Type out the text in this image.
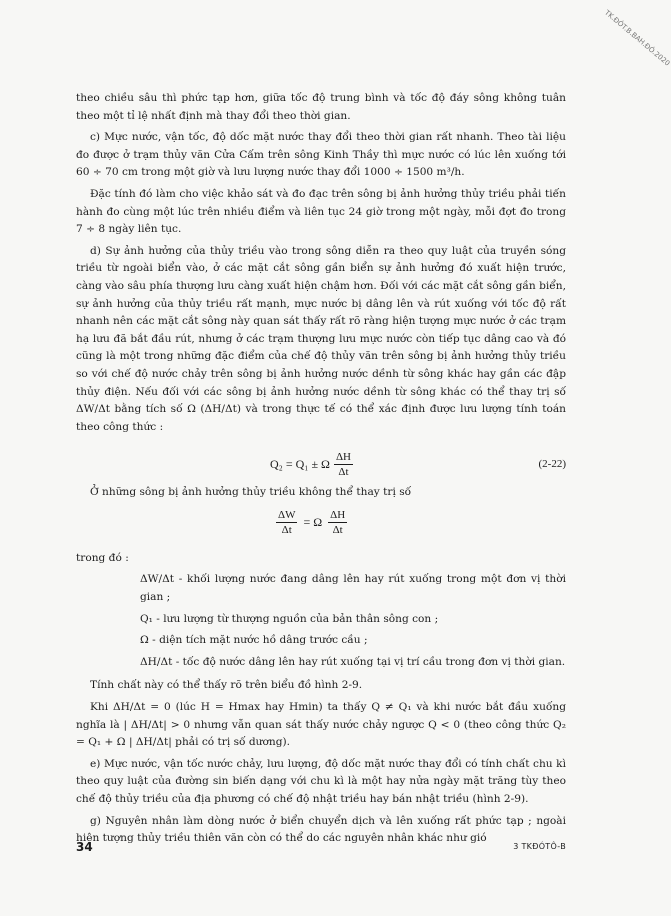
TK.ĐÓT.B.BAH.ĐÓ.2020

theo chiều sâu thì phức tạp hơn, giữa tốc độ trung bình và tốc độ đáy sông không tuân theo một tỉ lệ nhất định mà thay đổi theo thời gian.

c) Mực nước, vận tốc, độ dốc mặt nước thay đổi theo thời gian rất nhanh. Theo tài liệu đo được ở trạm thủy văn Cửa Cấm trên sông Kinh Thầy thì mực nước có lúc lên xuống tới 60 ÷ 70 cm trong một giờ và lưu lượng nước thay đổi 1000 ÷ 1500 m³/h.

Đặc tính đó làm cho việc khảo sát và đo đạc trên sông bị ảnh hưởng thủy triều phải tiến hành đo cùng một lúc trên nhiều điểm và liên tục 24 giờ trong một ngày, mỗi đợt đo trong 7 ÷ 8 ngày liên tục.

d) Sự ảnh hưởng của thủy triều vào trong sông diễn ra theo quy luật của truyền sóng triều từ ngoài biển vào, ở các mặt cắt sông gần biển sự ảnh hưởng đó xuất hiện trước, càng vào sâu phía thượng lưu càng xuất hiện chậm hơn. Đối với các mặt cắt sông gần biển, sự ảnh hưởng của thủy triều rất mạnh, mực nước bị dâng lên và rút xuống với tốc độ rất nhanh nên các mặt cắt sông này quan sát thấy rất rõ ràng hiện tượng mực nước ở các trạm hạ lưu đã bắt đầu rút, nhưng ở các trạm thượng lưu mực nước còn tiếp tục dâng cao và đó cũng là một trong những đặc điểm của chế độ thủy văn trên sông bị ảnh hưởng thủy triều so với chế độ nước chảy trên sông bị ảnh hưởng nước dềnh từ sông khác hay gần các đập thủy điện. Nếu đối với các sông bị ảnh hưởng nước dềnh từ sông khác có thể thay trị số ΔW/Δt bằng tích số Ω (ΔH/Δt) và trong thực tế có thể xác định được lưu lượng tính toán theo công thức :

Q₂ = Q₁ ± Ω $\frac{\Delta H}{\Delta t}$	(2-22)

Ở những sông bị ảnh hưởng thủy triều không thể thay trị số

$\frac{\Delta W}{\Delta t} = \Omega \frac{\Delta H}{\Delta t}$

trong đó :

ΔW/Δt - khối lượng nước đang dâng lên hay rút xuống trong một đơn vị thời gian ;

Q₁ - lưu lượng từ thượng nguồn của bản thân sông con ;

Ω - diện tích mặt nước hồ dâng trước cầu ;

ΔH/Δt - tốc độ nước dâng lên hay rút xuống tại vị trí cầu trong đơn vị thời gian.

Tính chất này có thể thấy rõ trên biểu đồ hình 2-9.

Khi ΔH/Δt = 0 (lúc H = Hmax hay Hmin) ta thấy Q ≠ Q₁ và khi nước bắt đầu xuống nghĩa là | ΔH/Δt| > 0 nhưng vẫn quan sát thấy nước chảy ngược Q < 0 (theo công thức Q₂ = Q₁ + Ω | ΔH/Δt| phải có trị số dương).

e) Mực nước, vận tốc nước chảy, lưu lượng, độ dốc mặt nước thay đổi có tính chất chu kì theo quy luật của đường sin biến dạng với chu kì là một hay nửa ngày mặt trăng tùy theo chế độ thủy triều của địa phương có chế độ nhật triều hay bán nhật triều (hình 2-9).

g) Nguyên nhân làm dòng nước ở biển chuyển dịch và lên xuống rất phức tạp ; ngoài hiện tượng thủy triều thiên văn còn có thể do các nguyên nhân khác như gió

34	3 TKĐÓTÔ-B
